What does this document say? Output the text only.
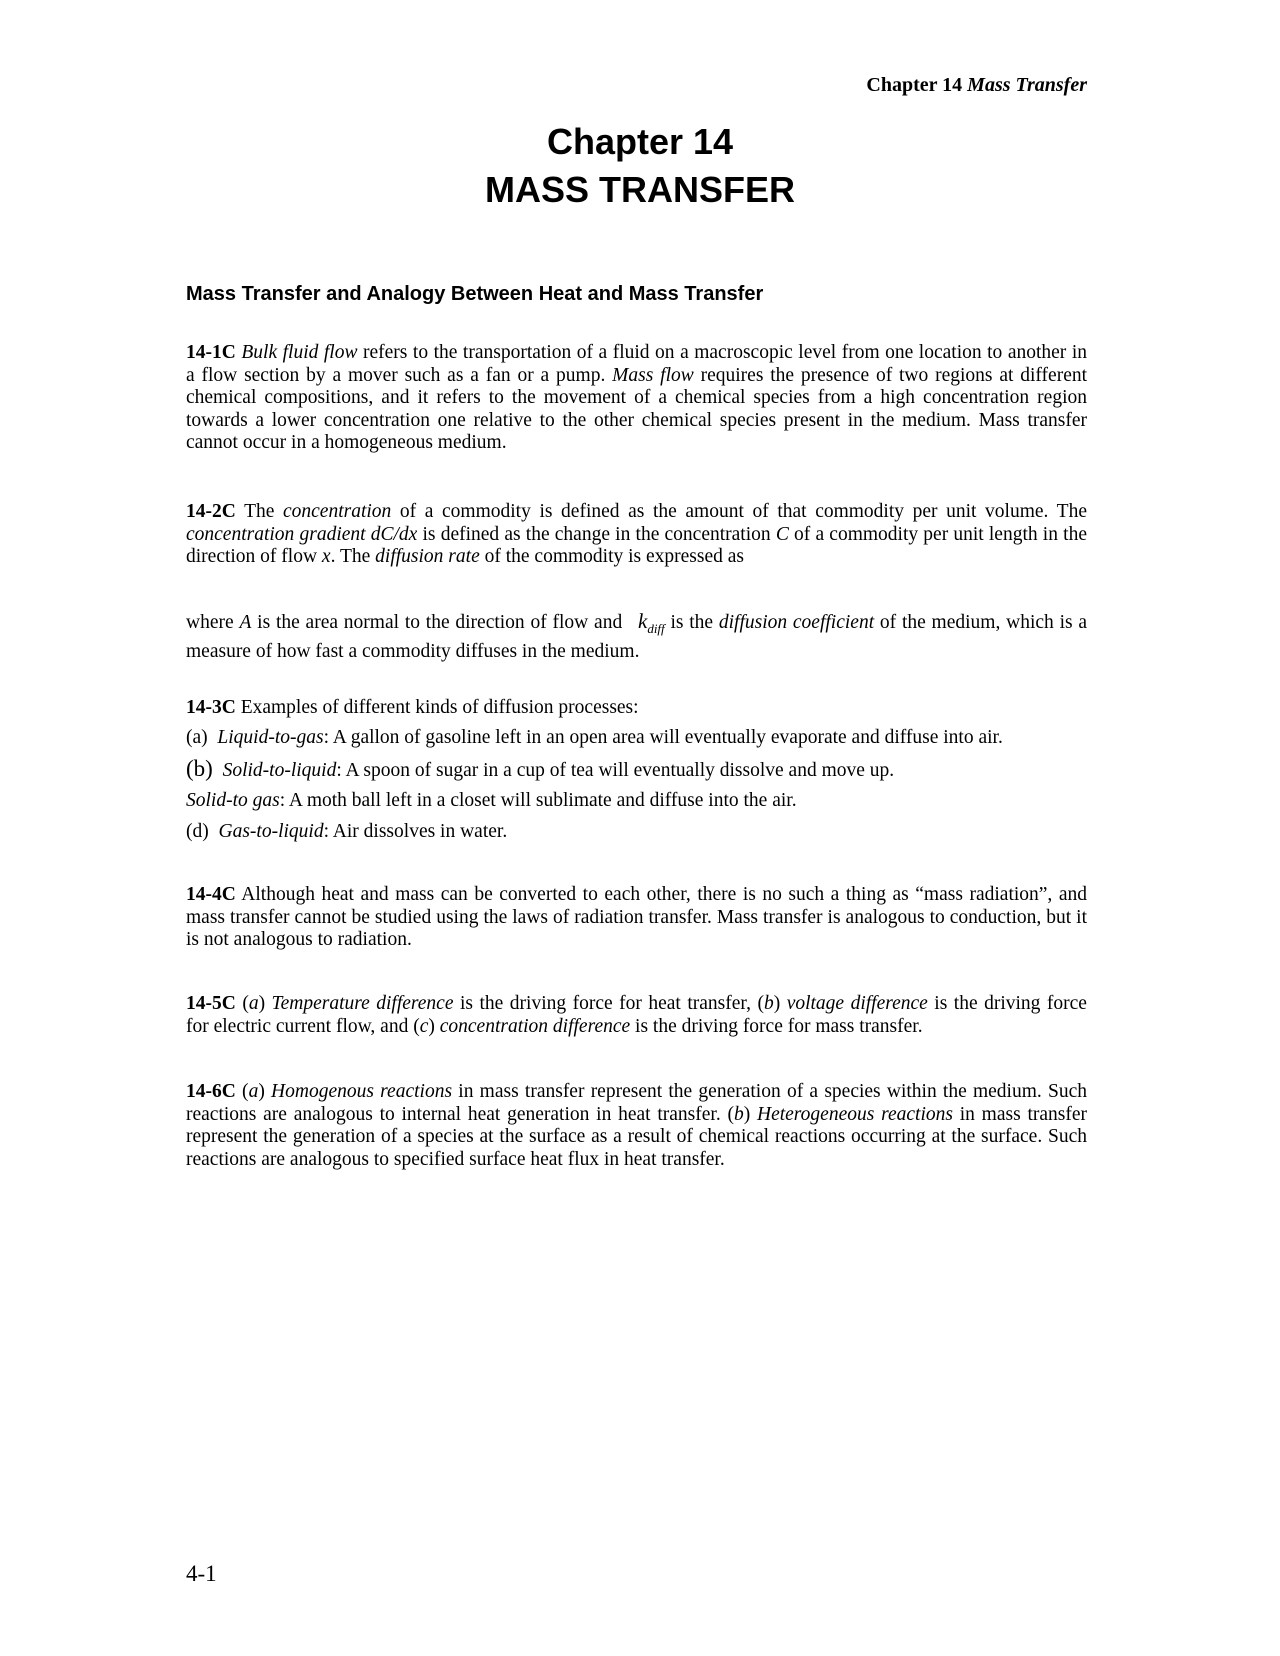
Chapter 14 Mass Transfer
Chapter 14
MASS TRANSFER
Mass Transfer and Analogy Between Heat and Mass Transfer
14-1C Bulk fluid flow refers to the transportation of a fluid on a macroscopic level from one location to another in a flow section by a mover such as a fan or a pump. Mass flow requires the presence of two regions at different chemical compositions, and it refers to the movement of a chemical species from a high concentration region towards a lower concentration one relative to the other chemical species present in the medium. Mass transfer cannot occur in a homogeneous medium.
14-2C The concentration of a commodity is defined as the amount of that commodity per unit volume. The concentration gradient dC/dx is defined as the change in the concentration C of a commodity per unit length in the direction of flow x. The diffusion rate of the commodity is expressed as
where A is the area normal to the direction of flow and $k_{diff}$ is the diffusion coefficient of the medium, which is a measure of how fast a commodity diffuses in the medium.
14-3C Examples of different kinds of diffusion processes:
(a) Liquid-to-gas: A gallon of gasoline left in an open area will eventually evaporate and diffuse into air.
(b) Solid-to-liquid: A spoon of sugar in a cup of tea will eventually dissolve and move up.
Solid-to gas: A moth ball left in a closet will sublimate and diffuse into the air.
(d) Gas-to-liquid: Air dissolves in water.
14-4C Although heat and mass can be converted to each other, there is no such a thing as “mass radiation”, and mass transfer cannot be studied using the laws of radiation transfer. Mass transfer is analogous to conduction, but it is not analogous to radiation.
14-5C (a) Temperature difference is the driving force for heat transfer, (b) voltage difference is the driving force for electric current flow, and (c) concentration difference is the driving force for mass transfer.
14-6C (a) Homogenous reactions in mass transfer represent the generation of a species within the medium. Such reactions are analogous to internal heat generation in heat transfer. (b) Heterogeneous reactions in mass transfer represent the generation of a species at the surface as a result of chemical reactions occurring at the surface. Such reactions are analogous to specified surface heat flux in heat transfer.
4-1
